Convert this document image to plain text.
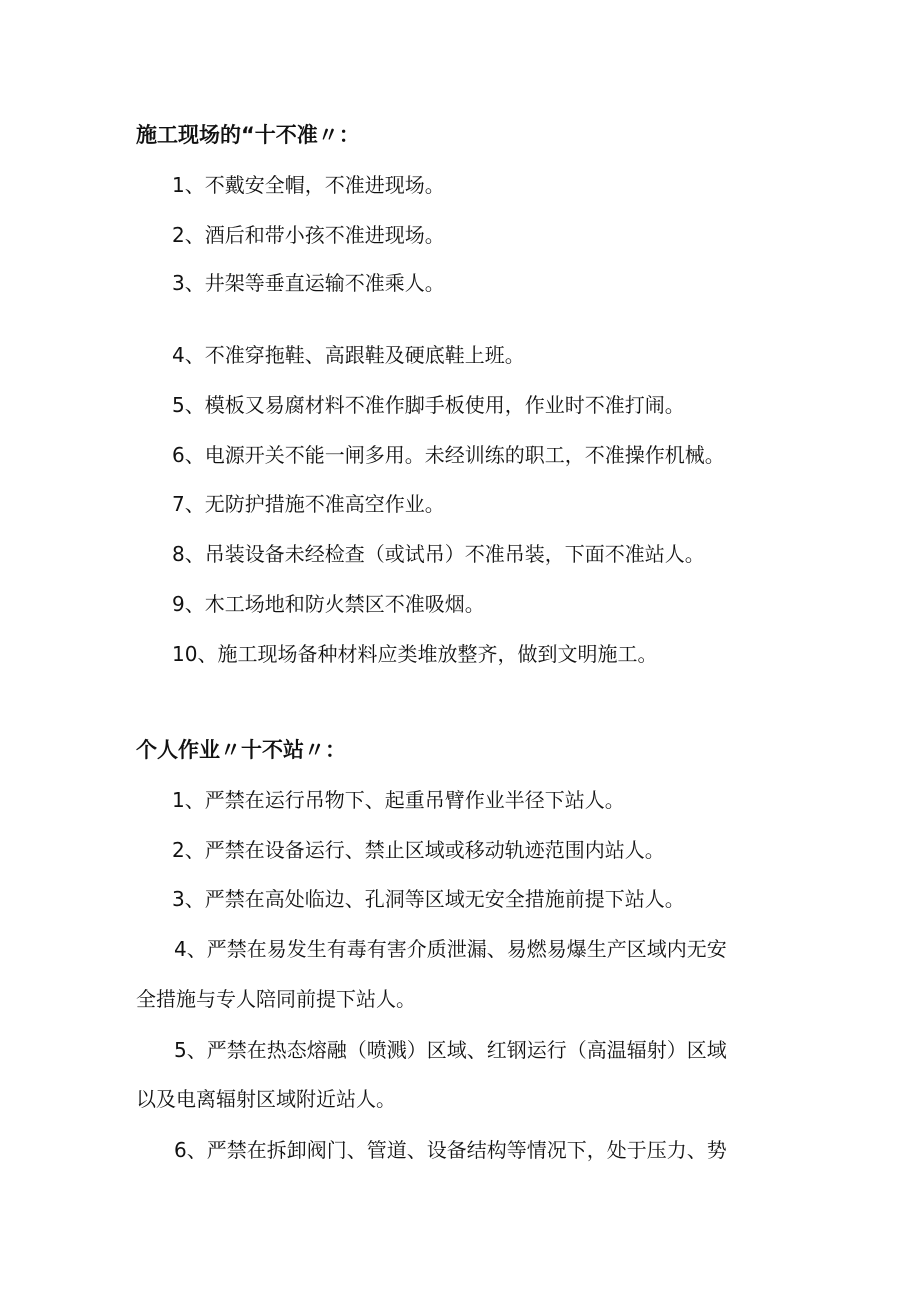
施工现场的“十不准〃：
1、不戴安全帽，不准进现场。
2、酒后和带小孩不准进现场。
3、井架等垂直运输不准乘人。
4、不准穿拖鞋、高跟鞋及硬底鞋上班。
5、模板又易腐材料不准作脚手板使用，作业时不准打闹。
6、电源开关不能一闸多用。未经训练的职工，不准操作机械。
7、无防护措施不准高空作业。
8、吊装设备未经检查（或试吊）不准吊装，下面不准站人。
9、木工场地和防火禁区不准吸烟。
10、施工现场备种材料应类堆放整齐，做到文明施工。
个人作业〃十不站〃：
1、严禁在运行吊物下、起重吊臂作业半径下站人。
2、严禁在设备运行、禁止区域或移动轨迹范围内站人。
3、严禁在高处临边、孔洞等区域无安全措施前提下站人。
4、严禁在易发生有毒有害介质泄漏、易燃易爆生产区域内无安
全措施与专人陪同前提下站人。
5、严禁在热态熔融（喷溅）区域、红钢运行（高温辐射）区域
以及电离辐射区域附近站人。
6、严禁在拆卸阀门、管道、设备结构等情况下，处于压力、势
